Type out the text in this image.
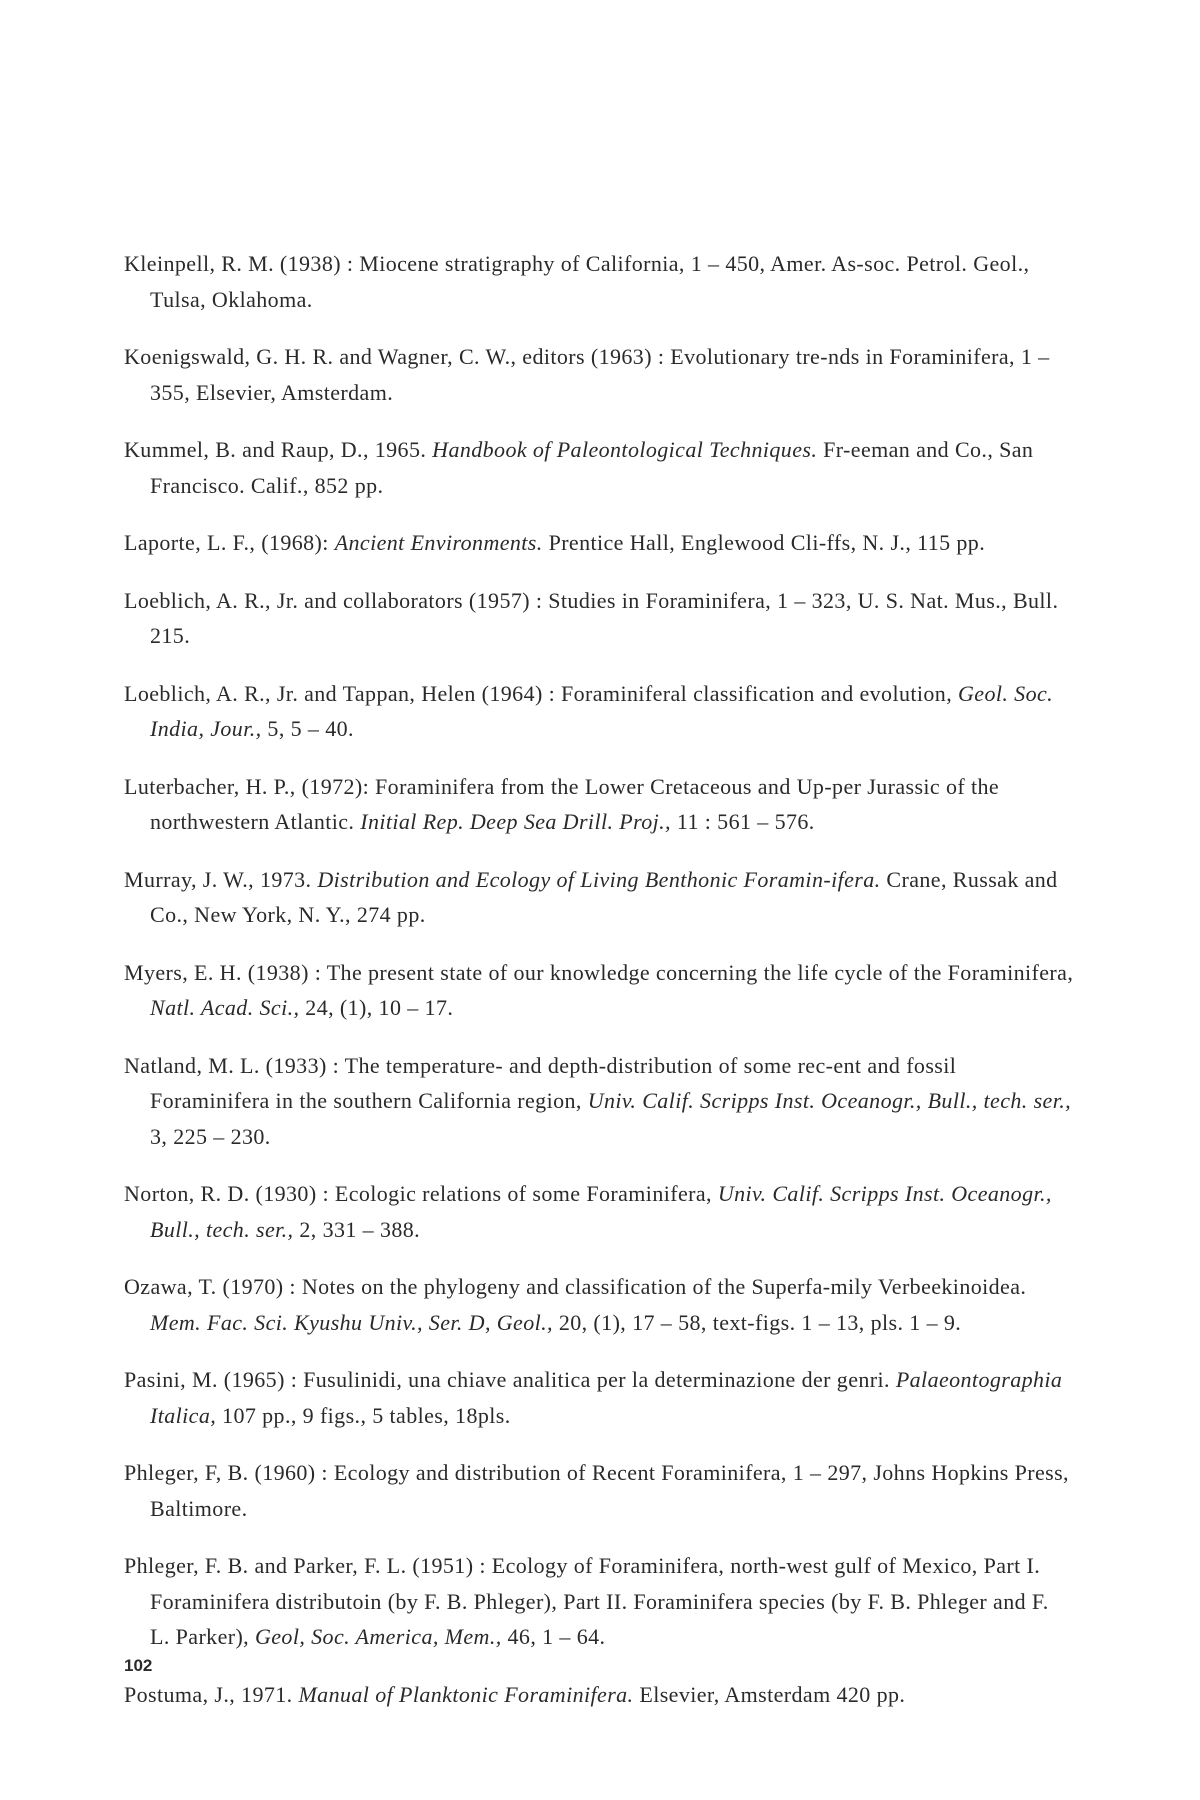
Kleinpell, R. M. (1938) : Miocene stratigraphy of California, 1 – 450, Amer. As-soc. Petrol. Geol., Tulsa, Oklahoma.

Koenigswald, G. H. R. and Wagner, C. W., editors (1963) : Evolutionary tre-nds in Foraminifera, 1 – 355, Elsevier, Amsterdam.

Kummel, B. and Raup, D., 1965. Handbook of Paleontological Techniques. Fr-eeman and Co., San Francisco. Calif., 852 pp.

Laporte, L. F., (1968): Ancient Environments. Prentice Hall, Englewood Cli-ffs, N. J., 115 pp.

Loeblich, A. R., Jr. and collaborators (1957) : Studies in Foraminifera, 1 – 323, U. S. Nat. Mus., Bull. 215.

Loeblich, A. R., Jr. and Tappan, Helen (1964) : Foraminiferal classification and evolution, Geol. Soc. India, Jour., 5, 5 – 40.

Luterbacher, H. P., (1972): Foraminifera from the Lower Cretaceous and Up-per Jurassic of the northwestern Atlantic. Initial Rep. Deep Sea Drill. Proj., 11 : 561 – 576.

Murray, J. W., 1973. Distribution and Ecology of Living Benthonic Foramin-ifera. Crane, Russak and Co., New York, N. Y., 274 pp.

Myers, E. H. (1938) : The present state of our knowledge concerning the life cycle of the Foraminifera, Natl. Acad. Sci., 24, (1), 10 – 17.

Natland, M. L. (1933) : The temperature- and depth-distribution of some rec-ent and fossil Foraminifera in the southern California region, Univ. Calif. Scripps Inst. Oceanogr., Bull., tech. ser., 3, 225 – 230.

Norton, R. D. (1930) : Ecologic relations of some Foraminifera, Univ. Calif. Scripps Inst. Oceanogr., Bull., tech. ser., 2, 331 – 388.

Ozawa, T. (1970) : Notes on the phylogeny and classification of the Superfa-mily Verbeekinoidea. Mem. Fac. Sci. Kyushu Univ., Ser. D, Geol., 20, (1), 17 – 58, text-figs. 1 – 13, pls. 1 – 9.

Pasini, M. (1965) : Fusulinidi, una chiave analitica per la determinazione der genri. Palaeontographia Italica, 107 pp., 9 figs., 5 tables, 18pls.

Phleger, F, B. (1960) : Ecology and distribution of Recent Foraminifera, 1 – 297, Johns Hopkins Press, Baltimore.

Phleger, F. B. and Parker, F. L. (1951) : Ecology of Foraminifera, north-west gulf of Mexico, Part I. Foraminifera distributoin (by F. B. Phleger), Part II. Foraminifera species (by F. B. Phleger and F. L. Parker), Geol, Soc. America, Mem., 46, 1 – 64.

Postuma, J., 1971. Manual of Planktonic Foraminifera. Elsevier, Amsterdam 420 pp.

102
